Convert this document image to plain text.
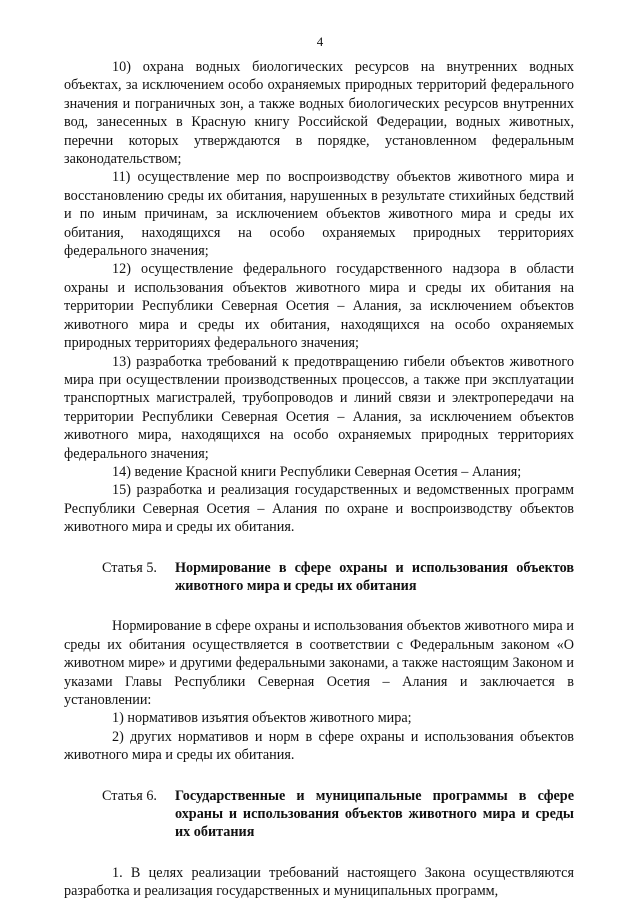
4

10) охрана водных биологических ресурсов на внутренних водных объектах, за исключением особо охраняемых природных территорий федерального значения и пограничных зон, а также водных биологических ресурсов внутренних вод, занесенных в Красную книгу Российской Федерации, водных животных, перечни которых утверждаются в порядке, установленном федеральным законодательством;

11) осуществление мер по воспроизводству объектов животного мира и восстановлению среды их обитания, нарушенных в результате стихийных бедствий и по иным причинам, за исключением объектов животного мира и среды их обитания, находящихся на особо охраняемых природных территориях федерального значения;

12) осуществление федерального государственного надзора в области охраны и использования объектов животного мира и среды их обитания на территории Республики Северная Осетия – Алания, за исключением объектов животного мира и среды их обитания, находящихся на особо охраняемых природных территориях федерального значения;

13) разработка требований к предотвращению гибели объектов животного мира при осуществлении производственных процессов, а также при эксплуатации транспортных магистралей, трубопроводов и линий связи и электропередачи на территории Республики Северная Осетия – Алания, за исключением объектов животного мира, находящихся на особо охраняемых природных территориях федерального значения;

14) ведение Красной книги Республики Северная Осетия – Алания;

15) разработка и реализация государственных и ведомственных программ Республики Северная Осетия – Алания по охране и воспроизводству объектов животного мира и среды их обитания.

Статья 5. Нормирование в сфере охраны и использования объектов животного мира и среды их обитания

Нормирование в сфере охраны и использования объектов животного мира и среды их обитания осуществляется в соответствии с Федеральным законом «О животном мире» и другими федеральными законами, а также настоящим Законом и указами Главы Республики Северная Осетия – Алания и заключается в установлении:

1) нормативов изъятия объектов животного мира;

2) других нормативов и норм в сфере охраны и использования объектов животного мира и среды их обитания.

Статья 6. Государственные и муниципальные программы в сфере охраны и использования объектов животного мира и среды их обитания

1. В целях реализации требований настоящего Закона осуществляются разработка и реализация государственных и муниципальных программ,
